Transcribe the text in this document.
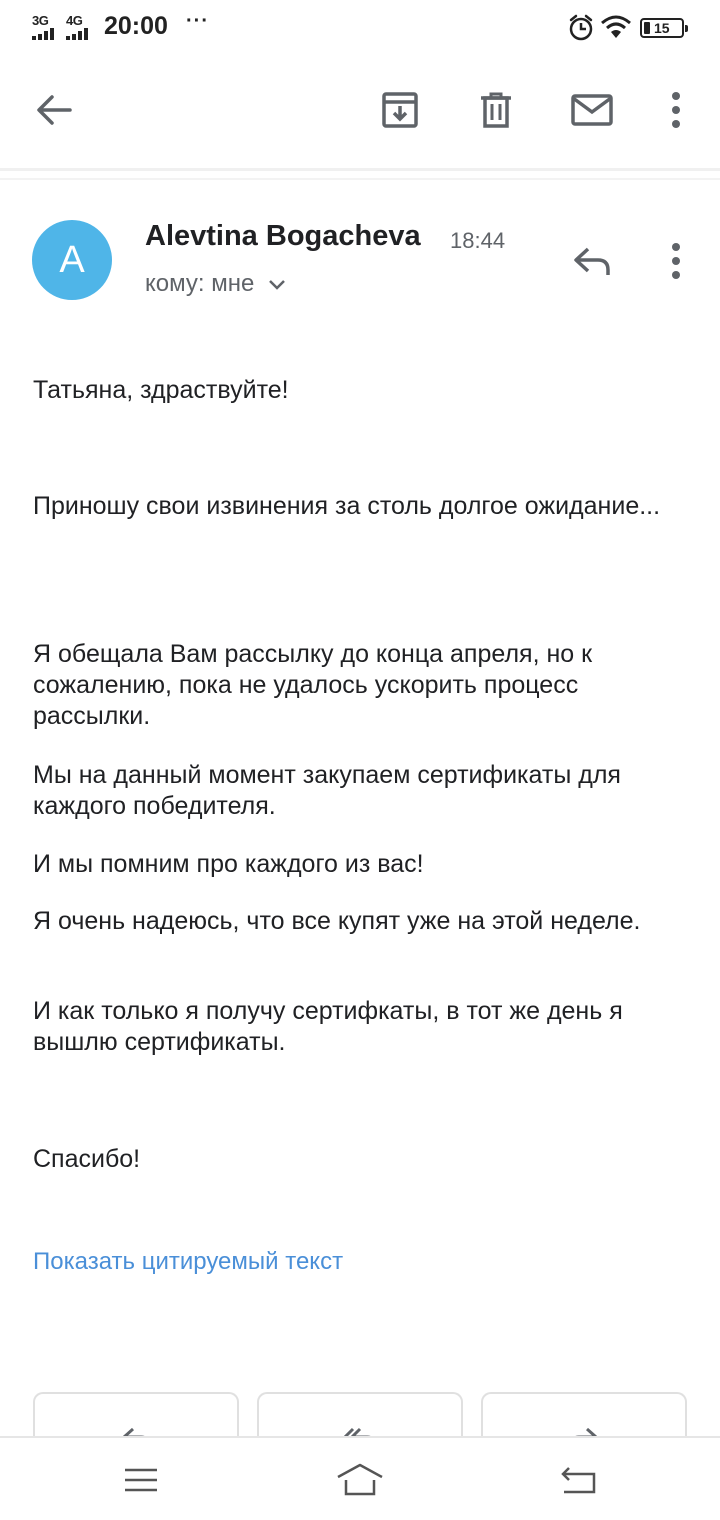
3G 4G 20:00 ···	15
A
Alevtina Bogacheva 18:44
кому: мне

Татьяна, здраствуйте!

Приношу свои извинения за столь долгое ожидание...

Я обещала Вам рассылку до конца апреля, но к сожалению, пока не удалось ускорить процесс рассылки.

Мы на данный момент закупаем сертификаты для каждого победителя.

И мы помним про каждого из вас!

Я очень надеюсь, что все купят уже на этой неделе.

И как только я получу сертифкаты, в тот же день я вышлю сертификаты.

Спасибо!

Показать цитируемый текст
